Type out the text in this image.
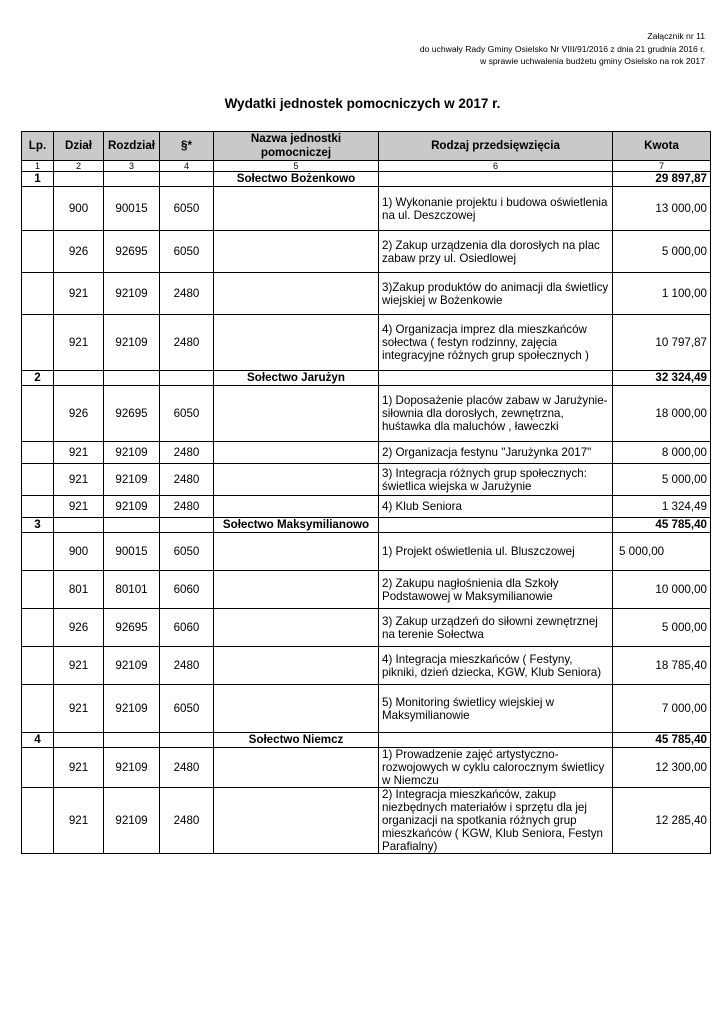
Załącznik nr 11
do uchwały Rady Gminy Osielsko Nr VIII/91/2016 z dnia 21 grudnia 2016 r.
w sprawie uchwalenia budżetu gminy Osielsko na rok 2017
Wydatki jednostek pomocniczych w 2017 r.
Lp.	Dział	Rozdział	§*	Nazwa jednostki pomocniczej	Rodzaj przedsięwzięcia	Kwota
1	2	3	4	5	6	7
1				Sołectwo Bożenkowo		29 897,87
	900	90015	6050		1) Wykonanie projektu i budowa oświetlenia na ul. Deszczowej	13 000,00
	926	92695	6050		2) Zakup urządzenia dla dorosłych na plac zabaw przy ul. Osiedlowej	5 000,00
	921	92109	2480		3)Zakup produktów do animacji dla świetlicy wiejskiej w Bożenkowie	1 100,00
	921	92109	2480		4) Organizacja imprez dla mieszkańców sołectwa ( festyn rodzinny, zajęcia integracyjne różnych grup społecznych )	10 797,87
2				Sołectwo Jarużyn		32 324,49
	926	92695	6050		1) Doposażenie placów zabaw w Jarużynie- siłownia dla dorosłych, zewnętrzna, huśtawka dla maluchów , ławeczki	18 000,00
	921	92109	2480		2) Organizacja festynu "Jarużynka 2017"	8 000,00
	921	92109	2480		3) Integracja różnych grup społecznych: świetlica wiejska w Jarużynie	5 000,00
	921	92109	2480		4) Klub Seniora	1 324,49
3				Sołectwo Maksymilianowo		45 785,40
	900	90015	6050		1) Projekt oświetlenia ul. Bluszczowej	5 000,00
	801	80101	6060		2) Zakupu nagłośnienia dla Szkoły Podstawowej w Maksymilianowie	10 000,00
	926	92695	6060		3) Zakup urządzeń do siłowni zewnętrznej na terenie Sołectwa	5 000,00
	921	92109	2480		4) Integracja mieszkańców ( Festyny, pikniki, dzień dziecka, KGW, Klub Seniora)	18 785,40
	921	92109	6050		5) Monitoring świetlicy wiejskiej w Maksymilianowie	7 000,00
4				Sołectwo Niemcz		45 785,40
	921	92109	2480		1) Prowadzenie zajęć artystyczno- rozwojowych w cyklu calorocznym świetlicy w Niemczu	12 300,00
	921	92109	2480		2) Integracja mieszkańców, zakup niezbędnych materiałów i sprzętu dla jej organizacji na spotkania różnych grup mieszkańców ( KGW, Klub Seniora, Festyn Parafialny)	12 285,40
